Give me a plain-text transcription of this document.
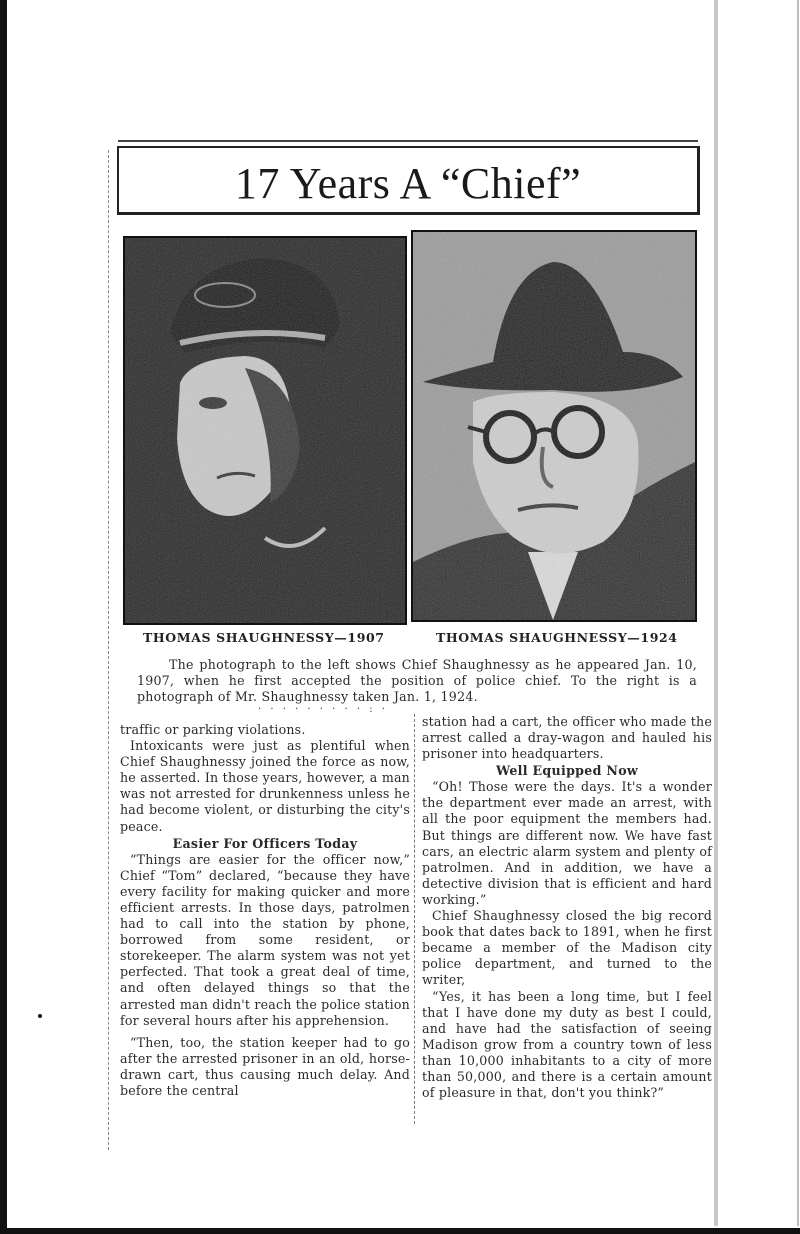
17 Years A “Chief”
THOMAS SHAUGHNESSY—1907	THOMAS SHAUGHNESSY—1924
The photograph to the left shows Chief Shaughnessy as he appeared Jan. 10, 1907, when he first accepted the position of police chief. To the right is a photograph of Mr. Shaughnessy taken Jan. 1, 1924.
· · · · · · · · · : ·

traffic or parking violations.

Intoxicants were just as plentiful when Chief Shaughnessy joined the force as now, he asserted. In those years, however, a man was not arrested for drunkenness unless he had become violent, or disturbing the city's peace.

Easier For Officers Today

“Things are easier for the officer now,” Chief “Tom” declared, “because they have every facility for making quicker and more efficient arrests. In those days, patrolmen had to call into the station by phone, borrowed from some resident, or storekeeper. The alarm system was not yet perfected. That took a great deal of time, and often delayed things so that the arrested man didn't reach the police station for several hours after his apprehension.

“Then, too, the station keeper had to go after the arrested prisoner in an old, horse-drawn cart, thus causing much delay. And before the central

station had a cart, the officer who made the arrest called a dray-wagon and hauled his prisoner into headquarters.

Well Equipped Now

“Oh! Those were the days. It's a wonder the department ever made an arrest, with all the poor equipment the members had. But things are different now. We have fast cars, an electric alarm system and plenty of patrolmen. And in addition, we have a detective division that is efficient and hard working.”

Chief Shaughnessy closed the big record book that dates back to 1891, when he first became a member of the Madison city police department, and turned to the writer,

“Yes, it has been a long time, but I feel that I have done my duty as best I could, and have had the satisfaction of seeing Madison grow from a country town of less than 10,000 inhabitants to a city of more than 50,000, and there is a certain amount of pleasure in that, don't you think?”
